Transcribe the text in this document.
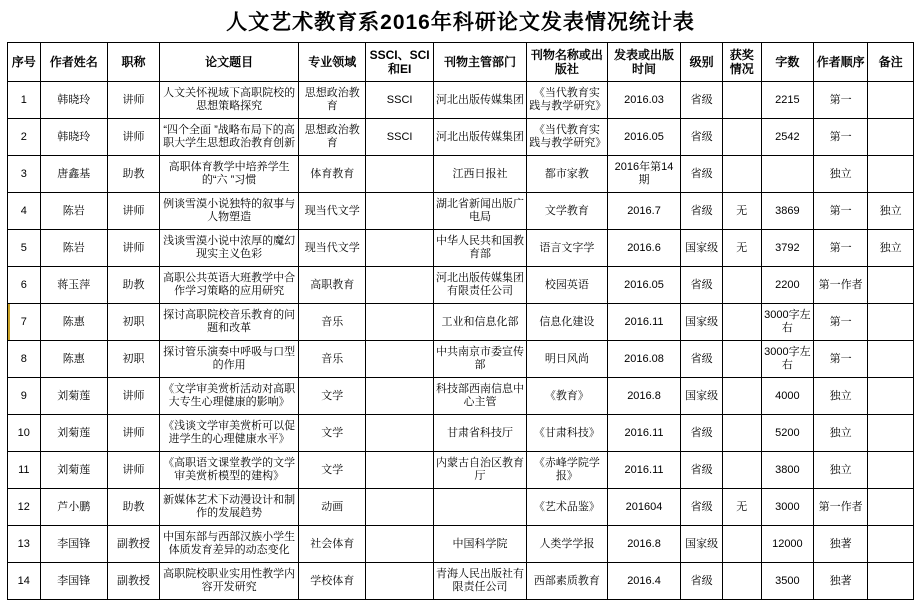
人文艺术教育系2016年科研论文发表情况统计表
序号	作者姓名	职称	论文题目	专业领域	SSCI、SCI和EI	刊物主管部门	刊物名称或出版社	发表或出版时间	级别	获奖情况	字数	作者顺序	备注
1	韩晓玲	讲师	人文关怀视域下高职院校的思想策略探究	思想政治教育	SSCI	河北出版传媒集团	《当代教育实践与教学研究》	2016.03	省级		2215	第一	
2	韩晓玲	讲师	“四个全面 ”战略布局下的高职大学生思想政治教育创新	思想政治教育	SSCI	河北出版传媒集团	《当代教育实践与教学研究》	2016.05	省级		2542	第一	
3	唐鑫基	助教	高职体育教学中培养学生的“六 ”习惯	体育教育		江西日报社	都市家教	2016年第14期	省级			独立	
4	陈岩	讲师	例谈雪漠小说独特的叙事与人物塑造	现当代文学		湖北省新闻出版广电局	文学教育	2016.7	省级	无	3869	第一	独立
5	陈岩	讲师	浅谈雪漠小说中浓厚的魔幻现实主义色彩	现当代文学		中华人民共和国教育部	语言文字学	2016.6	国家级	无	3792	第一	独立
6	蒋玉萍	助教	高职公共英语大班教学中合作学习策略的应用研究	高职教育		河北出版传媒集团有限责任公司	校园英语	2016.05	省级		2200	第一作者	
7	陈惠	初职	探讨高职院校音乐教育的问题和改革	音乐		工业和信息化部	信息化建设	2016.11	国家级		3000字左右	第一	
8	陈惠	初职	探讨管乐演奏中呼吸与口型的作用	音乐		中共南京市委宣传部	明日风尚	2016.08	省级		3000字左右	第一	
9	刘菊莲	讲师	《文学审美赏析活动对高职大专生心理健康的影响》	文学		科技部西南信息中心主管	《教育》	2016.8	国家级		4000	独立	
10	刘菊莲	讲师	《浅谈文学审美赏析可以促进学生的心理健康水平》	文学		甘肃省科技厅	《甘肃科技》	2016.11	省级		5200	独立	
11	刘菊莲	讲师	《高职语文课堂教学的文学审美赏析模型的建构》	文学		内蒙古自治区教育厅	《赤峰学院学报》	2016.11	省级		3800	独立	
12	芦小鹏	助教	新媒体艺术下动漫设计和制作的发展趋势	动画			《艺术品鉴》	201604	省级	无	3000	第一作者	
13	李国锋	副教授	中国东部与西部汉族小学生体质发育差异的动态变化	社会体育		中国科学院	人类学学报	2016.8	国家级		12000	独著	
14	李国锋	副教授	高职院校职业实用性教学内容开发研究	学校体育		青海人民出版社有限责任公司	西部素质教育	2016.4	省级		3500	独著	
